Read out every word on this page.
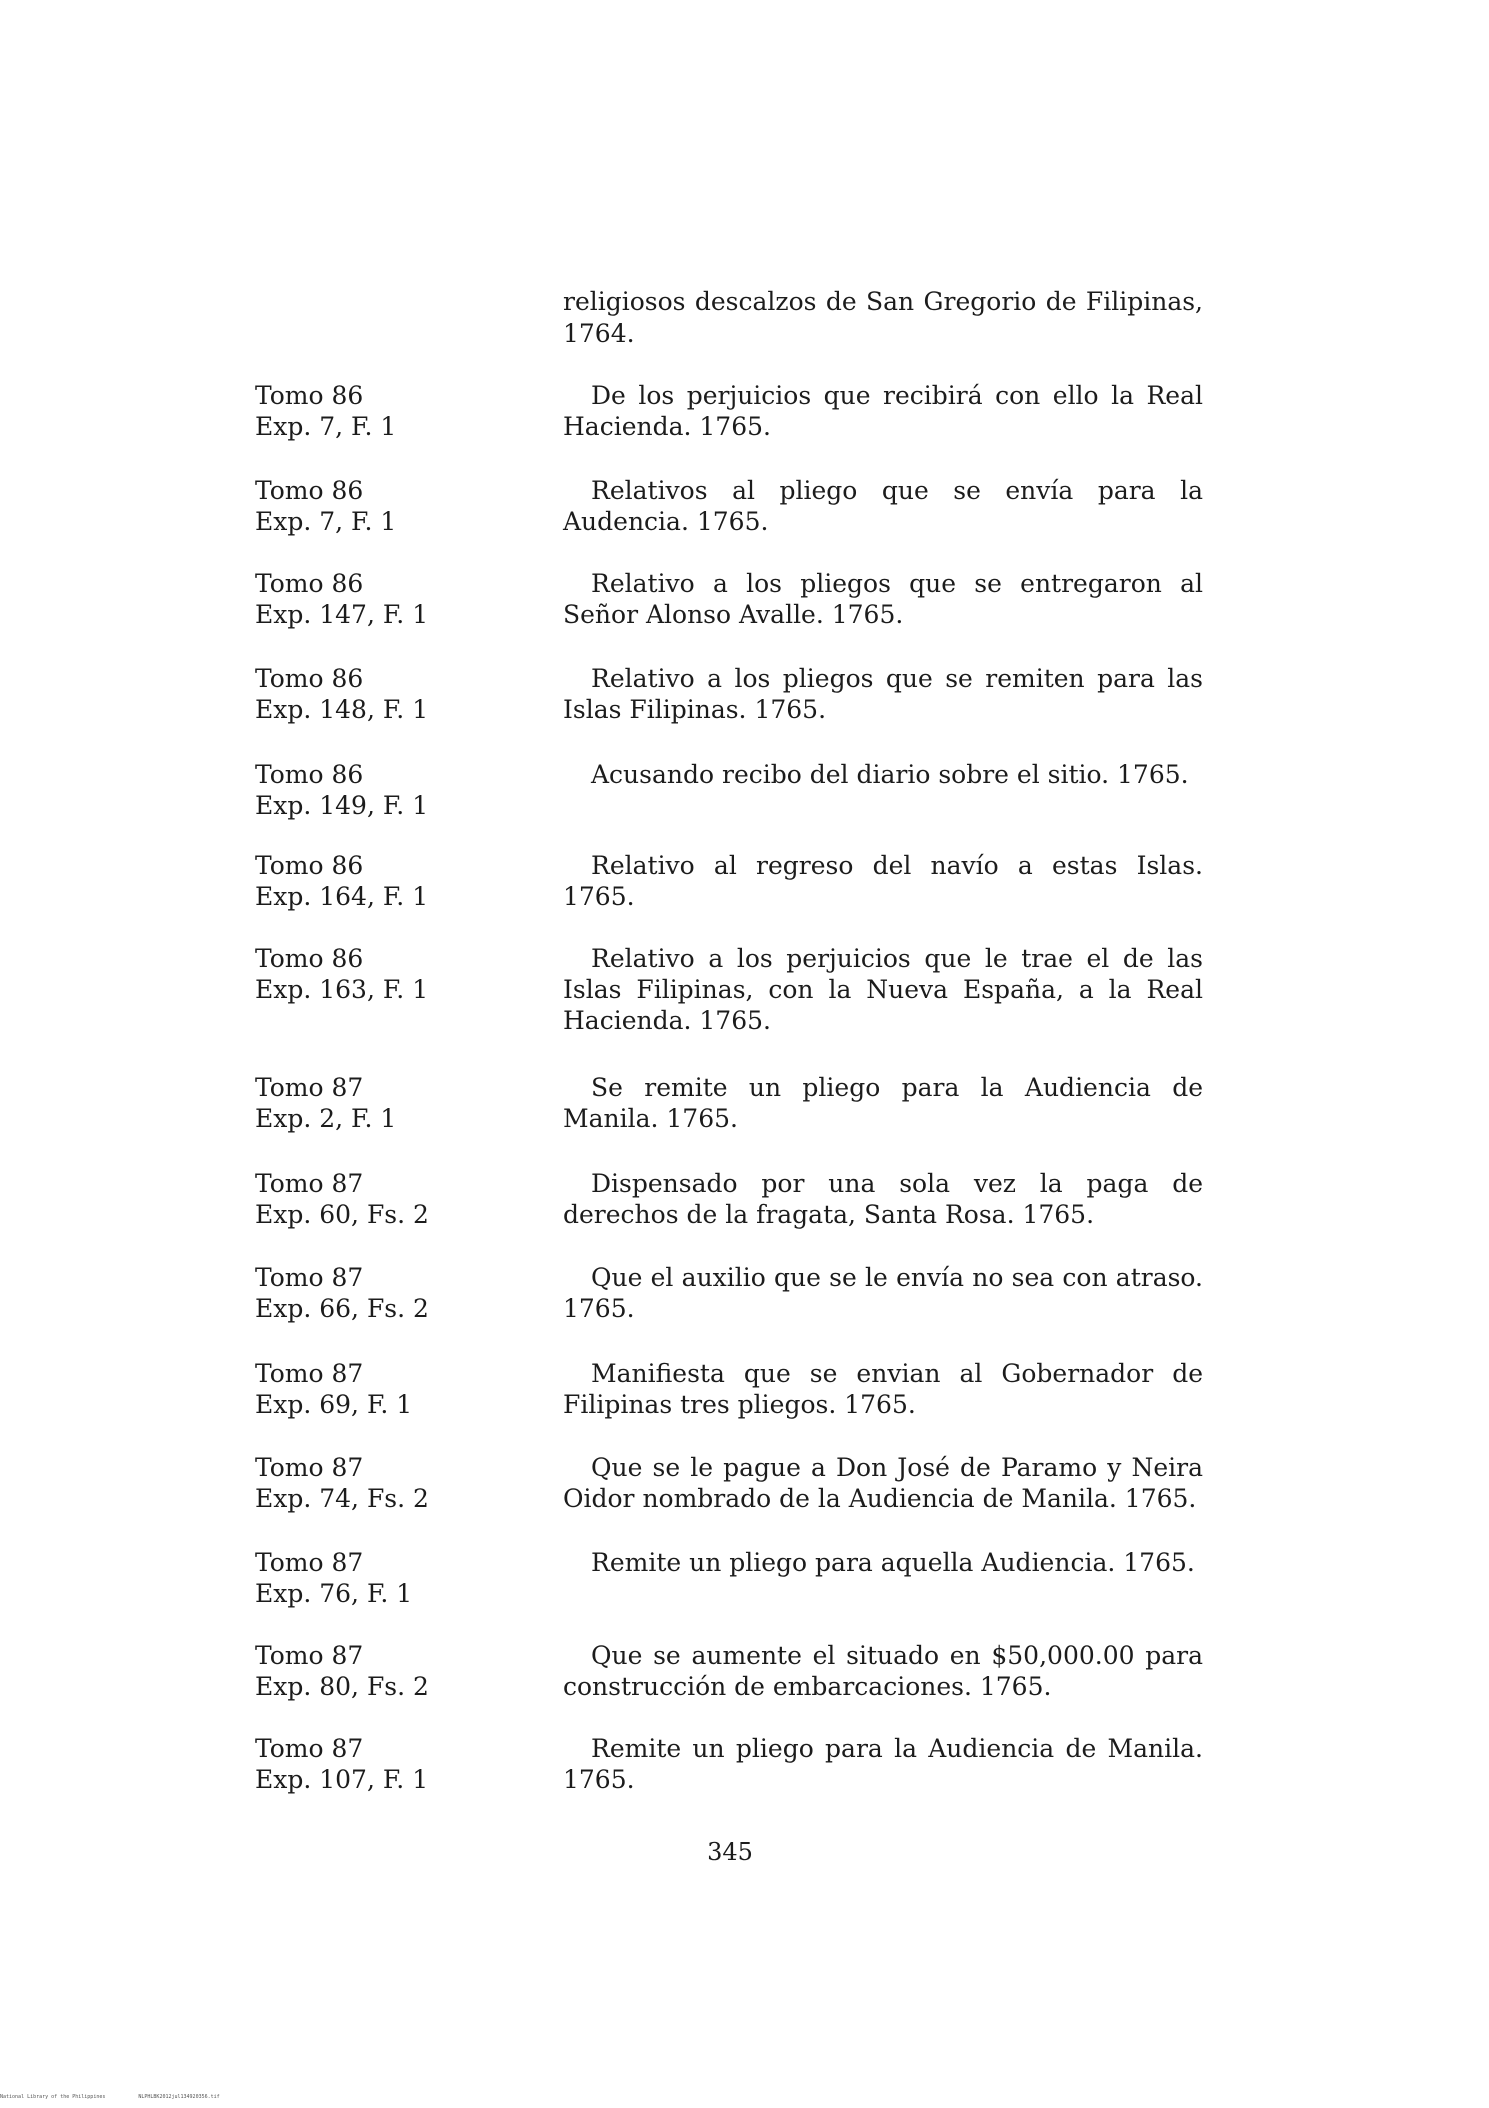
religiosos descalzos de San Gregorio de Filipinas, 1764.

Tomo 86
Exp. 7, F. 1

De los perjuicios que recibirá con ello la Real Hacienda. 1765.

Tomo 86
Exp. 7, F. 1

Relativos al pliego que se envía para la Audencia. 1765.

Tomo 86
Exp. 147, F. 1

Relativo a los pliegos que se entregaron al Señor Alonso Avalle. 1765.

Tomo 86
Exp. 148, F. 1

Relativo a los pliegos que se remiten para las Islas Filipinas. 1765.

Tomo 86
Exp. 149, F. 1

Acusando recibo del diario sobre el sitio. 1765.

Tomo 86
Exp. 164, F. 1

Relativo al regreso del navío a estas Islas. 1765.

Tomo 86
Exp. 163, F. 1

Relativo a los perjuicios que le trae el de las Islas Filipinas, con la Nueva España, a la Real Hacienda. 1765.

Tomo 87
Exp. 2, F. 1

Se remite un pliego para la Audiencia de Manila. 1765.

Tomo 87
Exp. 60, Fs. 2

Dispensado por una sola vez la paga de derechos de la fragata, Santa Rosa. 1765.

Tomo 87
Exp. 66, Fs. 2

Que el auxilio que se le envía no sea con atraso. 1765.

Tomo 87
Exp. 69, F. 1

Manifiesta que se envian al Gobernador de Filipinas tres pliegos. 1765.

Tomo 87
Exp. 74, Fs. 2

Que se le pague a Don José de Paramo y Neira Oidor nombrado de la Audiencia de Manila. 1765.

Tomo 87
Exp. 76, F. 1

Remite un pliego para aquella Audiencia. 1765.

Tomo 87
Exp. 80, Fs. 2

Que se aumente el situado en $50,000.00 para construcción de embarcaciones. 1765.

Tomo 87
Exp. 107, F. 1

Remite un pliego para la Audiencia de Manila. 1765.

345
National Library of the Philippines	NLPHLBK2012jul134920356.tif
